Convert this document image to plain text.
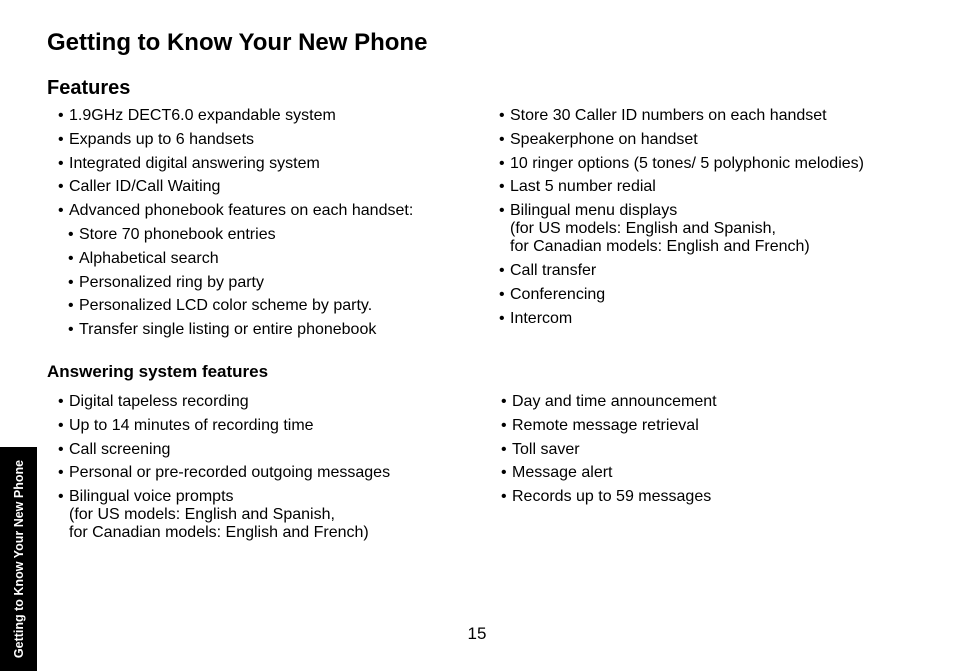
Getting to Know Your New Phone
Features
• 1.9GHz DECT6.0 expandable system
• Expands up to 6 handsets
• Integrated digital answering system
• Caller ID/Call Waiting
• Advanced phonebook features on each handset:
• Store 70 phonebook entries
• Alphabetical search
• Personalized ring by party
• Personalized LCD color scheme by party.
• Transfer single listing or entire phonebook
• Store 30 Caller ID numbers on each handset
• Speakerphone on handset
• 10 ringer options (5 tones/ 5 polyphonic melodies)
• Last 5 number redial
• Bilingual menu displays
(for US models: English and Spanish,
for Canadian models: English and French)
• Call transfer
• Conferencing
• Intercom
Answering system features
• Digital tapeless recording
• Up to 14 minutes of recording time
• Call screening
• Personal or pre-recorded outgoing messages
• Bilingual voice prompts
(for US models: English and Spanish,
for Canadian models: English and French)
• Day and time announcement
• Remote message retrieval
• Toll saver
• Message alert
• Records up to 59 messages
15
Getting to Know Your New Phone
